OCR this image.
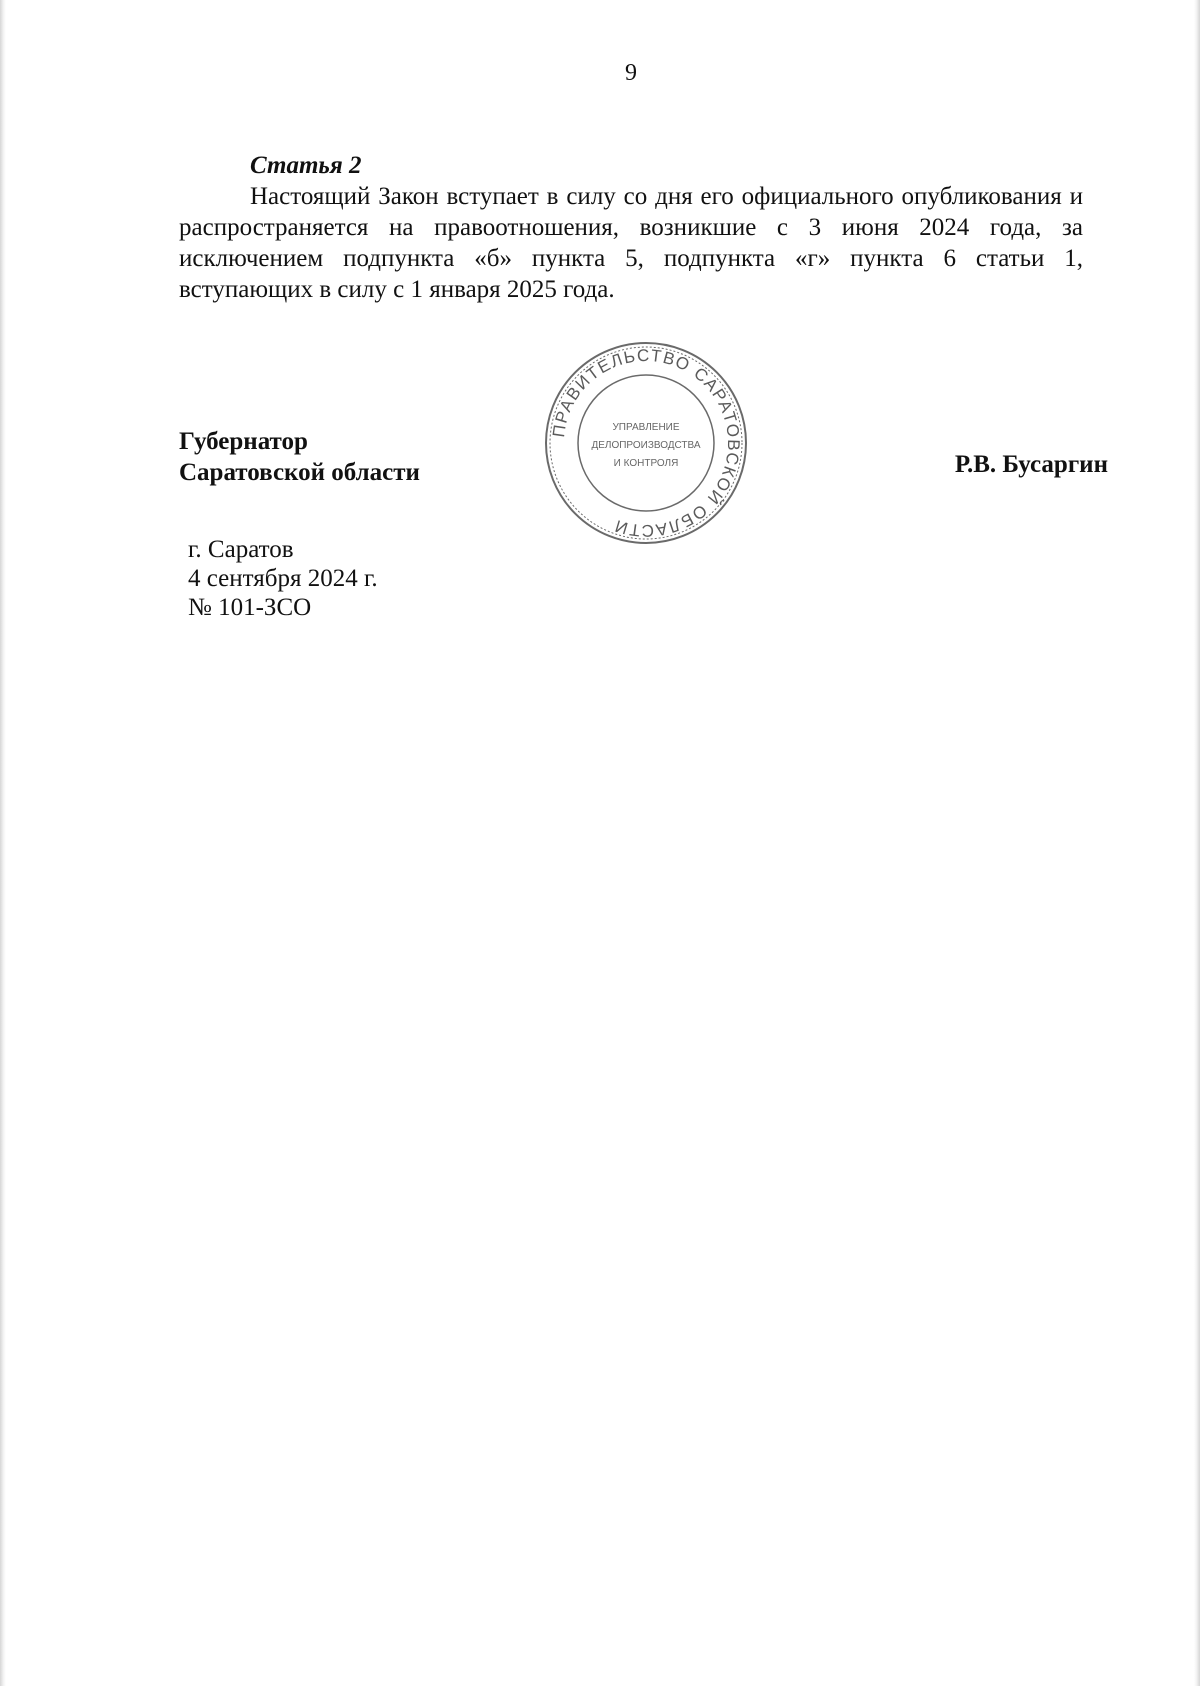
9
Статья 2

Настоящий Закон вступает в силу со дня его официального опубликования и распространяется на правоотношения, возникшие с 3 июня 2024 года, за исключением подпункта «б» пункта 5, подпункта «г» пункта 6 статьи 1, вступающих в силу с 1 января 2025 года.

Губернатор
Саратовской области
ПРАВИТЕЛЬСТВО САРАТОВСКОЙ ОБЛАСТИ
УПРАВЛЕНИЕ
ДЕЛОПРОИЗВОДСТВА
И КОНТРОЛЯ	Р.В. Бусаргин
г. Саратов
4 сентября 2024 г.
№ 101-ЗСО
